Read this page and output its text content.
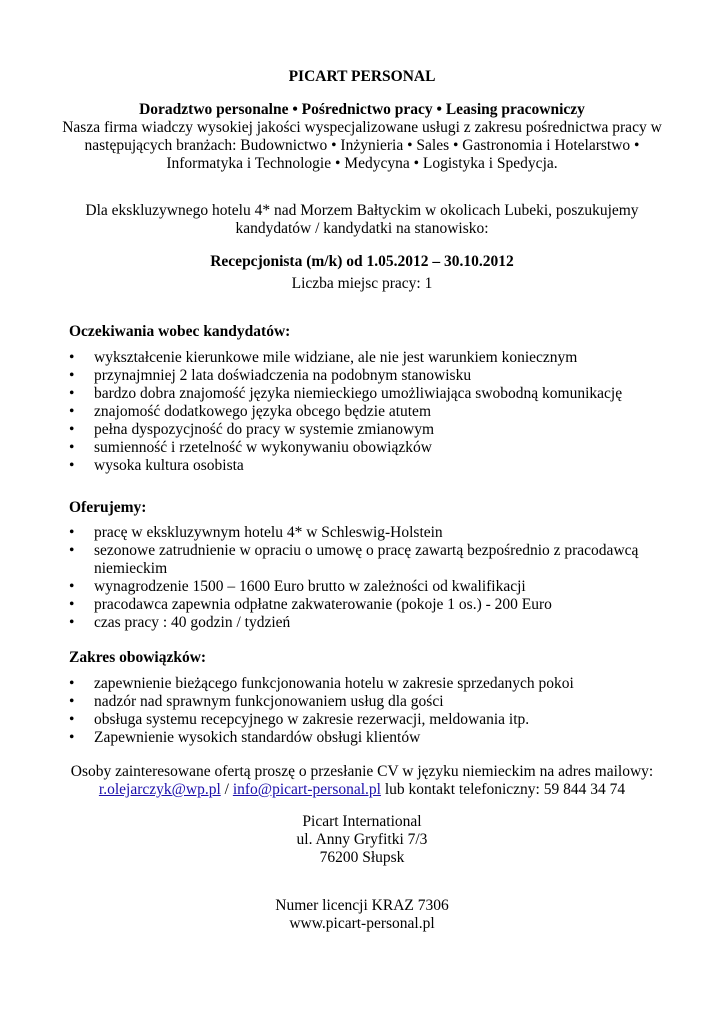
PICART PERSONAL
Doradztwo personalne • Pośrednictwo pracy • Leasing pracowniczy
Nasza firma wiadczy wysokiej jakości wyspecjalizowane usługi z zakresu pośrednictwa pracy w
następujących branżach: Budownictwo • Inżynieria • Sales • Gastronomia i Hotelarstwo •
Informatyka i Technologie • Medycyna • Logistyka i Spedycja.
Dla ekskluzywnego hotelu 4* nad Morzem Bałtyckim w okolicach Lubeki, poszukujemy
kandydatów / kandydatki na stanowisko:
Recepcjonista (m/k) od 1.05.2012 – 30.10.2012
Liczba miejsc pracy: 1
Oczekiwania wobec kandydatów:
• wykształcenie kierunkowe mile widziane, ale nie jest warunkiem koniecznym
• przynajmniej 2 lata doświadczenia na podobnym stanowisku
• bardzo dobra znajomość języka niemieckiego umożliwiająca swobodną komunikację
• znajomość dodatkowego języka obcego będzie atutem
• pełna dyspozycjność do pracy w systemie zmianowym
• sumienność i rzetelność w wykonywaniu obowiązków
• wysoka kultura osobista
Oferujemy:
• pracę w ekskluzywnym hotelu 4* w Schleswig-Holstein
• sezonowe zatrudnienie w opraciu o umowę o pracę zawartą bezpośrednio z pracodawcą
niemieckim
• wynagrodzenie 1500 – 1600 Euro brutto w zależności od kwalifikacji
• pracodawca zapewnia odpłatne zakwaterowanie (pokoje 1 os.) - 200 Euro
• czas pracy : 40 godzin / tydzień
Zakres obowiązków:
• zapewnienie bieżącego funkcjonowania hotelu w zakresie sprzedanych pokoi
• nadzór nad sprawnym funkcjonowaniem usług dla gości
• obsługa systemu recepcyjnego w zakresie rezerwacji, meldowania itp.
• Zapewnienie wysokich standardów obsługi klientów
Osoby zainteresowane ofertą proszę o przesłanie CV w języku niemieckim na adres mailowy:
r.olejarczyk@wp.pl / info@picart-personal.pl lub kontakt telefoniczny: 59 844 34 74
Picart International
ul. Anny Gryfitki 7/3
76200 Słupsk
Numer licencji KRAZ 7306
www.picart-personal.pl
